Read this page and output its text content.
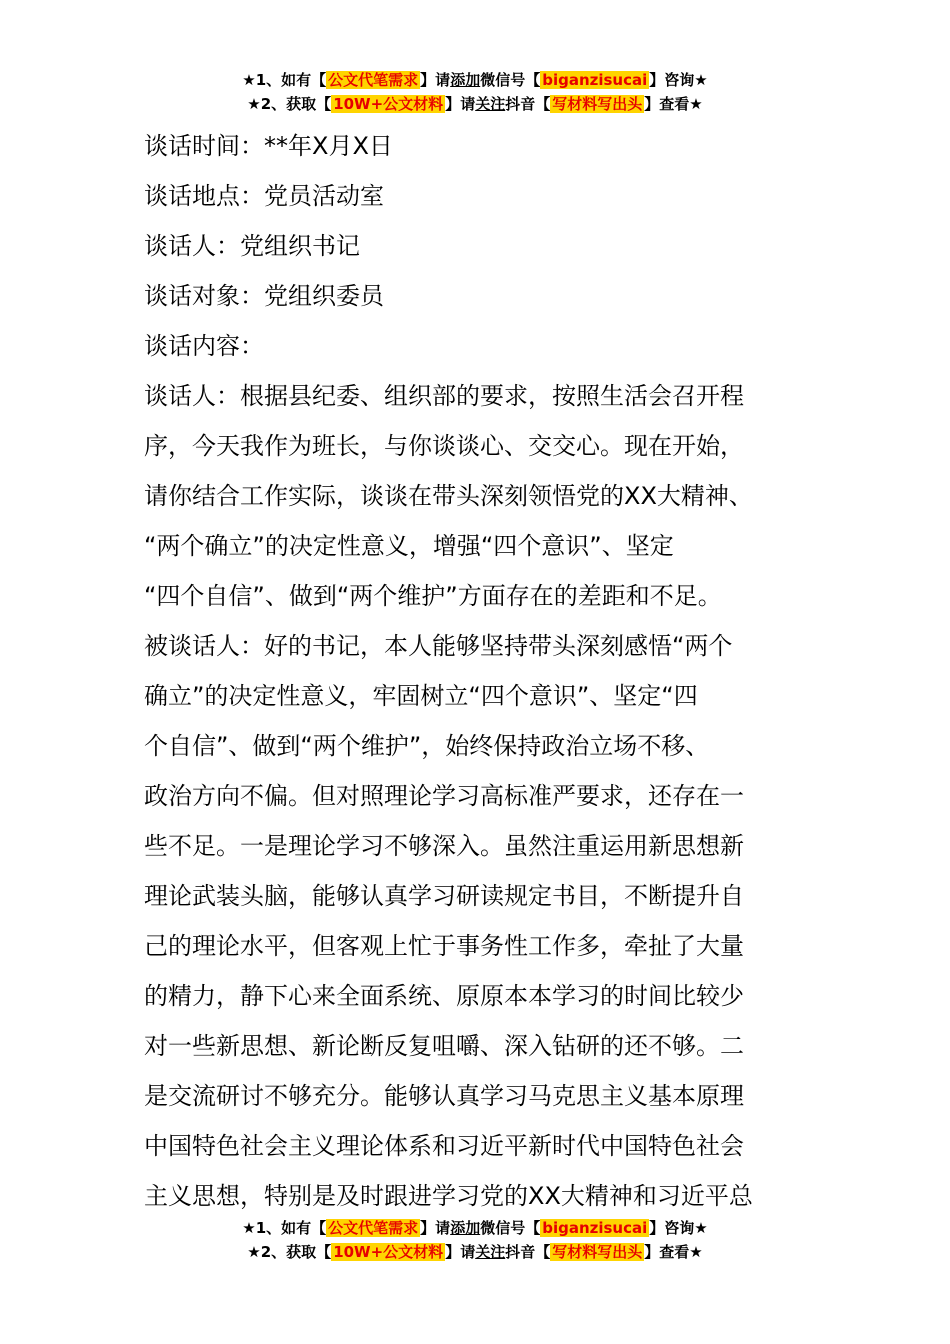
★1、如有【 公文代笔需求 】请添加微信号【 biganzisucai 】咨询★
★2、获取【 10W+公文材料 】请关注抖音【 写材料写出头 】查看★

谈话时间：**年X月X日

谈话地点：党员活动室

谈话人：党组织书记

谈话对象：党组织委员

谈话内容：

谈话人：根据县纪委、组织部的要求，按照生活会召开程

序，今天我作为班长，与你谈谈心、交交心。现在开始，

请你结合工作实际，谈谈在带头深刻领悟党的XX大精神、

“两个确立”的决定性意义，增强“四个意识”、坚定

“四个自信”、做到“两个维护”方面存在的差距和不足。

被谈话人：好的书记，本人能够坚持带头深刻感悟“两个

确立”的决定性意义，牢固树立“四个意识”、坚定“四

个自信”、做到“两个维护”，始终保持政治立场不移、

政治方向不偏。但对照理论学习高标准严要求，还存在一

些不足。一是理论学习不够深入。虽然注重运用新思想新

理论武装头脑，能够认真学习研读规定书目，不断提升自

己的理论水平，但客观上忙于事务性工作多，牵扯了大量

的精力，静下心来全面系统、原原本本学习的时间比较少

对一些新思想、新论断反复咀嚼、深入钻研的还不够。二

是交流研讨不够充分。能够认真学习马克思主义基本原理

中国特色社会主义理论体系和习近平新时代中国特色社会

主义思想，特别是及时跟进学习党的XX大精神和习近平总

★1、如有【 公文代笔需求 】请添加微信号【 biganzisucai 】咨询★
★2、获取【 10W+公文材料 】请关注抖音【 写材料写出头 】查看★
